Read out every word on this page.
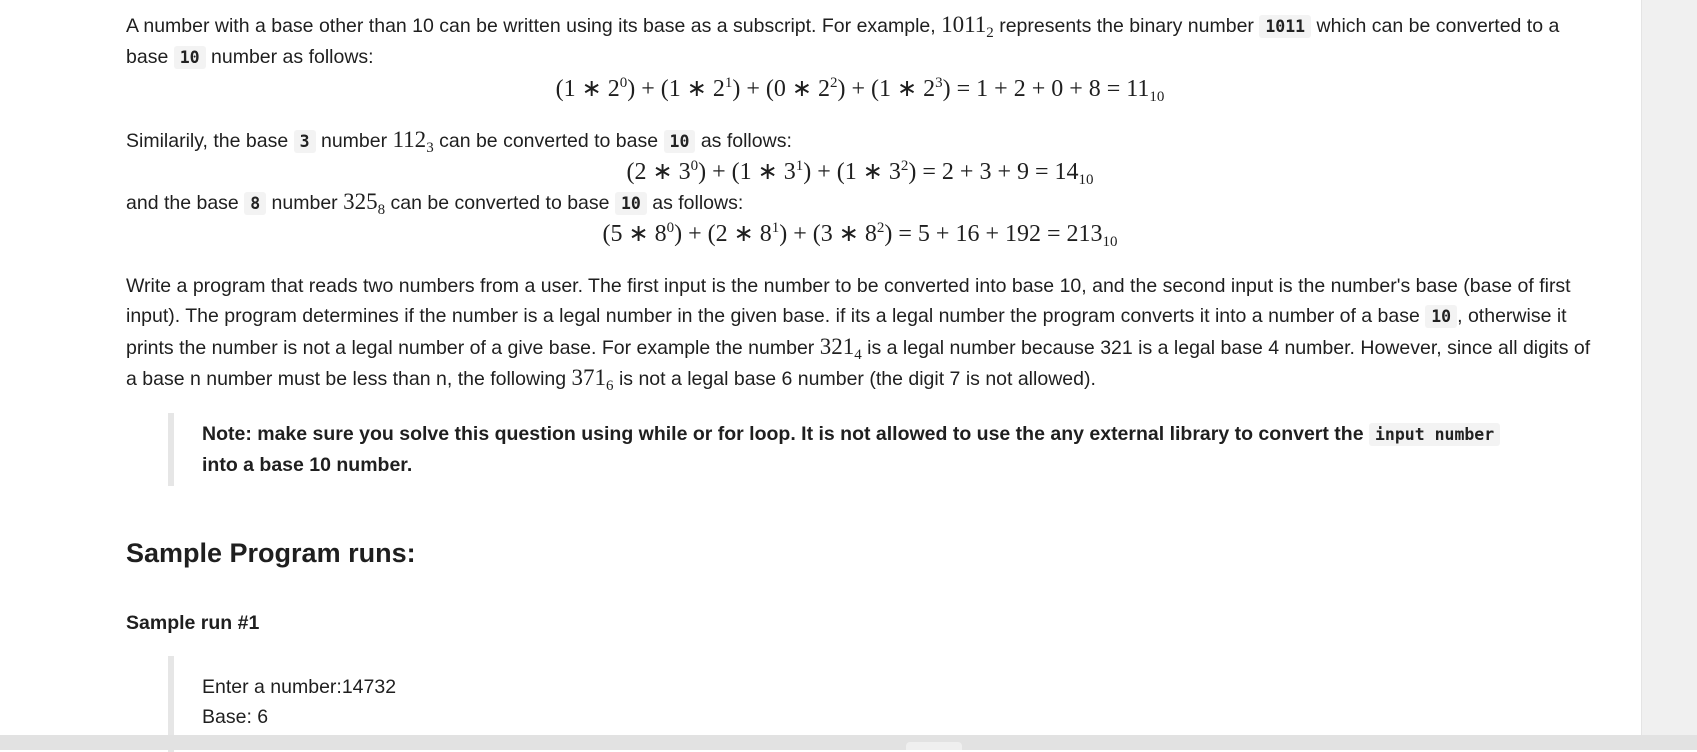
A number with a base other than 10 can be written using its base as a subscript. For example, $1011_2$ represents the binary number 1011 which can be converted to a base 10 number as follows:

(1 ∗ $2^0) + (1$ ∗ $2^1) + (0$ ∗ $2^2) + (1$ ∗ $2^3) = 1 + 2 + 0 + 8 = 11_{10}$

Similarily, the base 3 number $112_3$ can be converted to base 10 as follows:

(2 ∗ $3^0) + (1$ ∗ $3^1) + (1$ ∗ $3^2) = 2 + 3 + 9 = 14_{10}$

and the base 8 number $325_8$ can be converted to base 10 as follows:

(5 ∗ $8^0) + (2$ ∗ $8^1) + (3$ ∗ $8^2) = 5 + 16 + 192 = 213_{10}$

Write a program that reads two numbers from a user. The first input is the number to be converted into base 10, and the second input is the number's base (base of first input). The program determines if the number is a legal number in the given base. if its a legal number the program converts it into a number of a base 10 , otherwise it prints the number is not a legal number of a give base. For example the number $321_4$ is a legal number because 321 is a legal base 4 number. However, since all digits of a base n number must be less than n, the following $371_6$ is not a legal base 6 number (the digit 7 is not allowed).

Note: make sure you solve this question using while or for loop. It is not allowed to use the any external library to convert the input number into a base 10 number.
Sample Program runs:
Sample run #1
Enter a number:14732
Base: 6
